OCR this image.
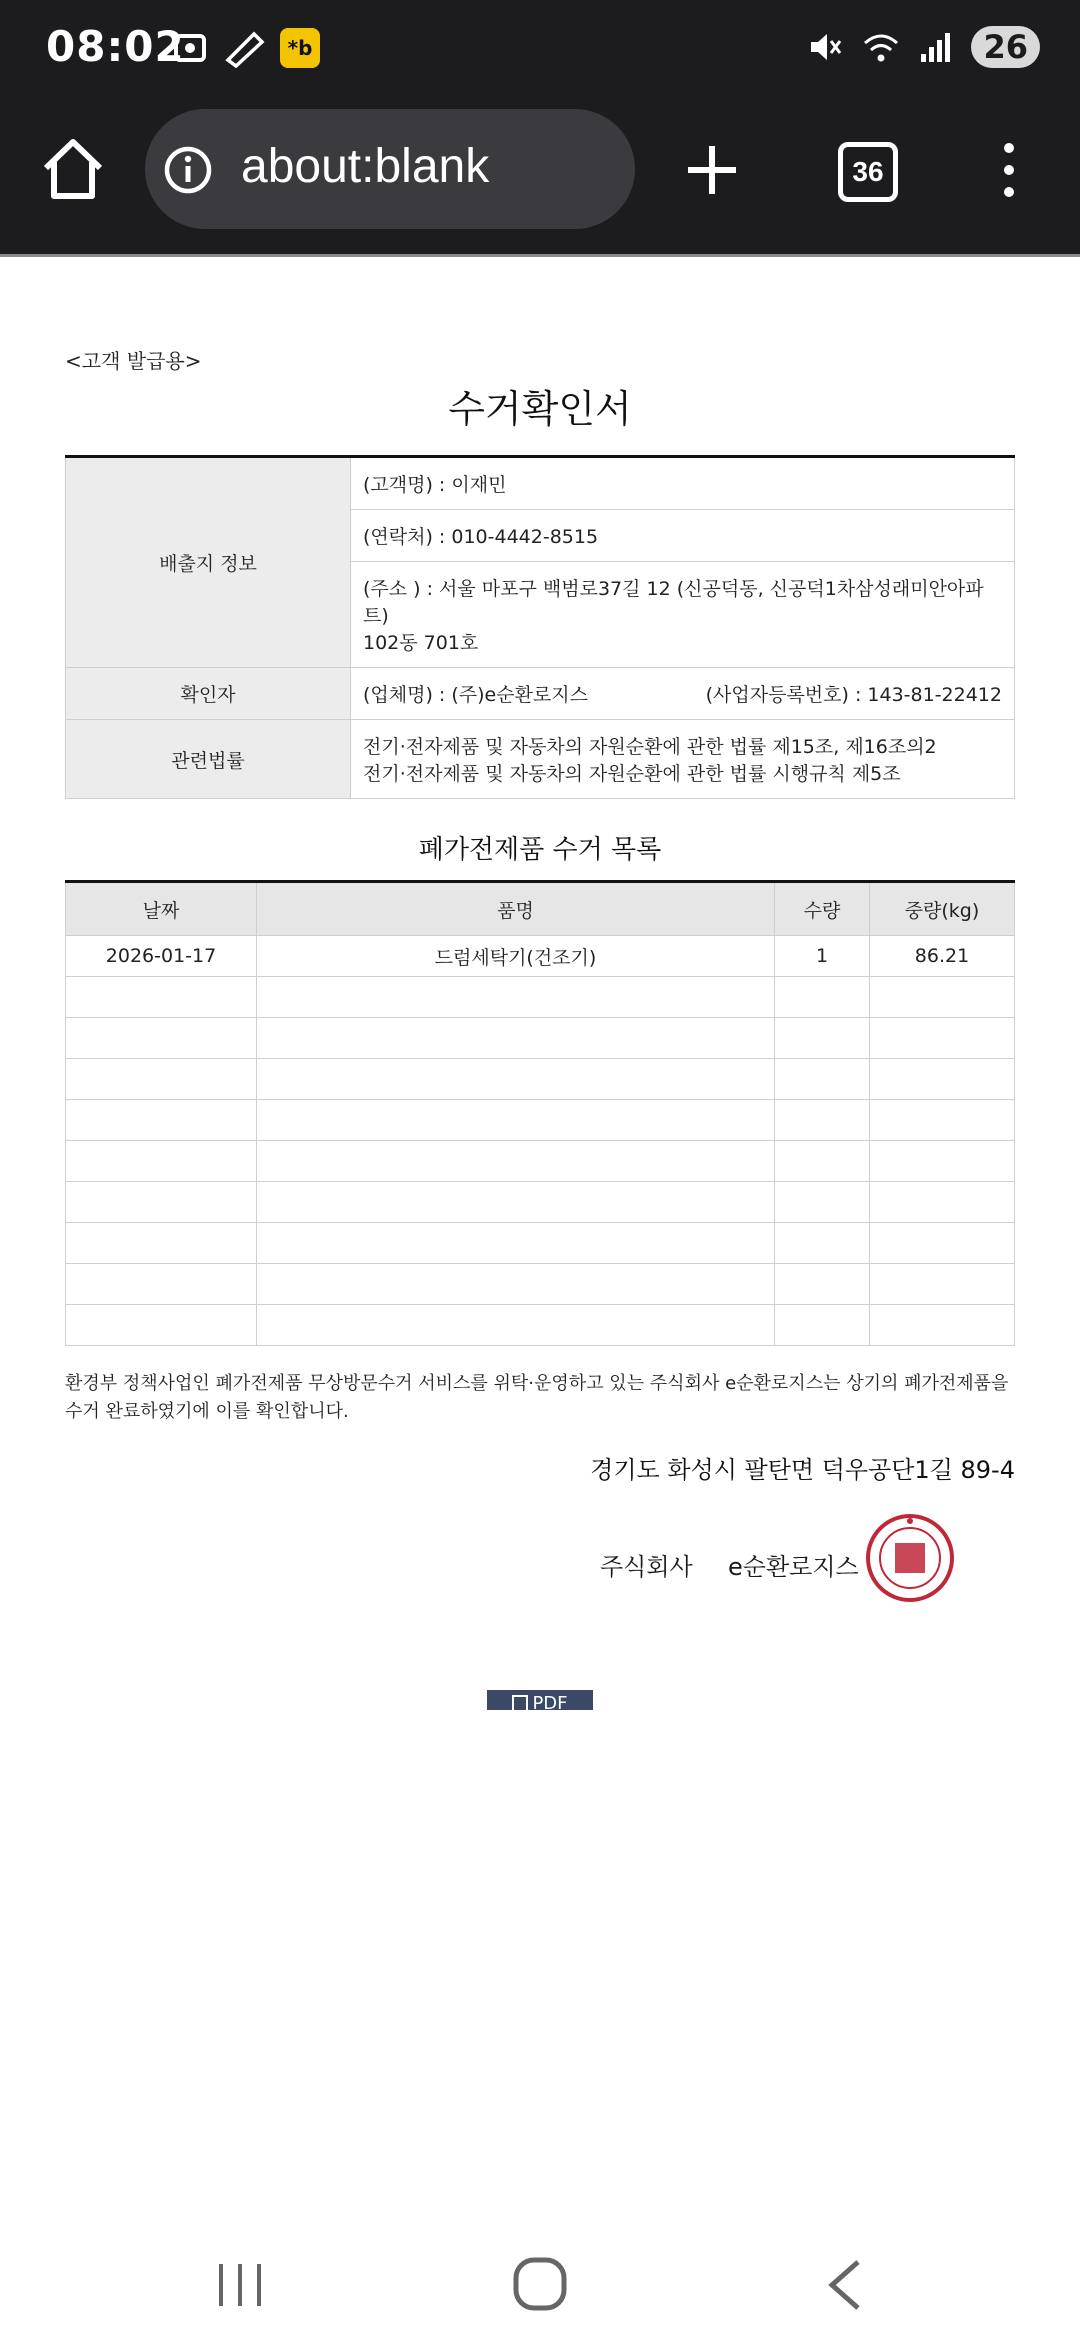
08:02	*b	26
about:blank	36
<고객 발급용>
수거확인서
배출지 정보	(고객명) : 이재민
	(연락처) : 010-4442-8515

	(주소 ) : 서울 마포구 백범로37길 12 (신공덕동, 신공덕1차삼성래미안아파트)
102동 701호

확인자	(업체명) : (주)e순환로지스 (사업자등록번호) : 143-81-22412

관련법률	전기·전자제품 및 자동차의 자원순환에 관한 법률 제15조, 제16조의2
전기·전자제품 및 자동차의 자원순환에 관한 법률 시행규칙 제5조
폐가전제품 수거 목록
날짜	품명	수량	중량(kg)
2026-01-17	드럼세탁기(건조기)	1	86.21

환경부 정책사업인 폐가전제품 무상방문수거 서비스를 위탁·운영하고 있는 주식회사 e순환로지스는 상기의 폐가전제품을 수거 완료하였기에 이를 확인합니다.
경기도 화성시 팔탄면 덕우공단1길 89-4
주식회사 e순환로지스
PDF
